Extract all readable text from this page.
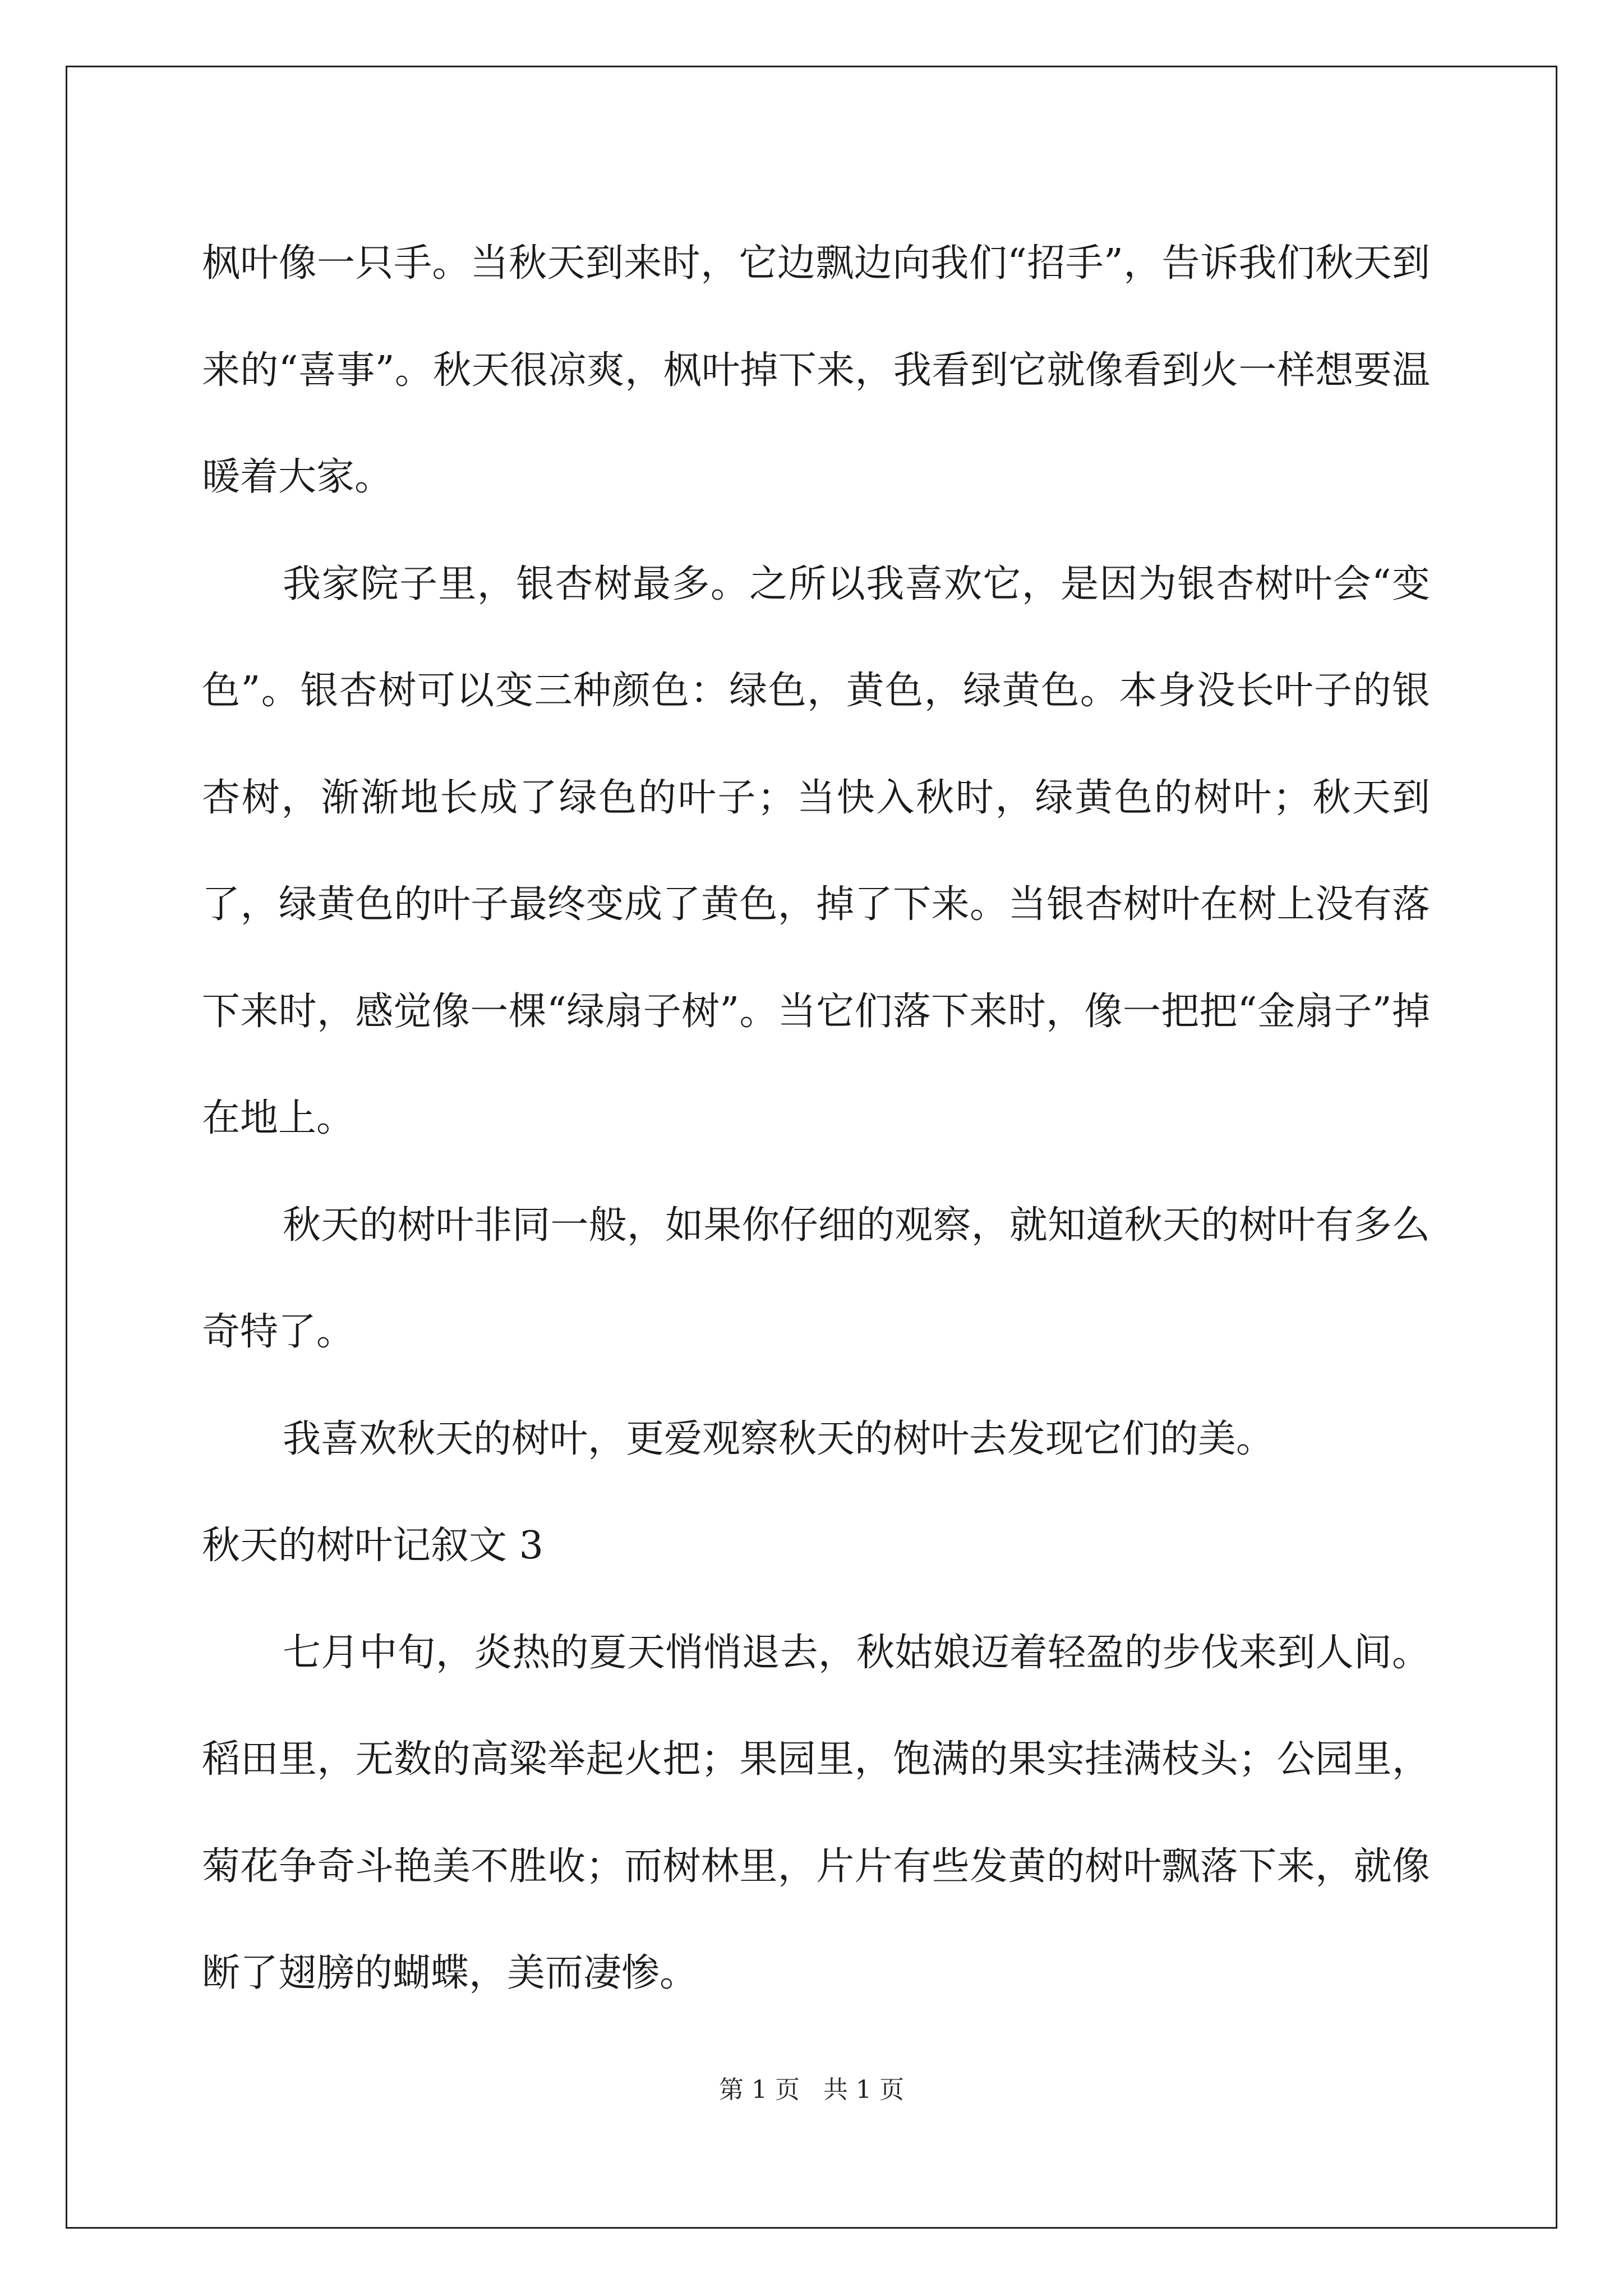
枫叶像一只手。当秋天到来时，它边飘边向我们“招手”，告诉我们秋天到来的“喜事”。秋天很凉爽，枫叶掉下来，我看到它就像看到火一样想要温暖着大家。

我家院子里，银杏树最多。之所以我喜欢它，是因为银杏树叶会“变色”。银杏树可以变三种颜色：绿色，黄色，绿黄色。本身没长叶子的银杏树，渐渐地长成了绿色的叶子；当快入秋时，绿黄色的树叶；秋天到了，绿黄色的叶子最终变成了黄色，掉了下来。当银杏树叶在树上没有落下来时，感觉像一棵“绿扇子树”。当它们落下来时，像一把把“金扇子”掉在地上。

秋天的树叶非同一般，如果你仔细的观察，就知道秋天的树叶有多么奇特了。

我喜欢秋天的树叶，更爱观察秋天的树叶去发现它们的美。

秋天的树叶记叙文 3

七月中旬，炎热的夏天悄悄退去，秋姑娘迈着轻盈的步伐来到人间。稻田里，无数的高粱举起火把；果园里，饱满的果实挂满枝头；公园里，菊花争奇斗艳美不胜收；而树林里，片片有些发黄的树叶飘落下来，就像断了翅膀的蝴蝶，美而凄惨。

第 1 页 共 1 页
